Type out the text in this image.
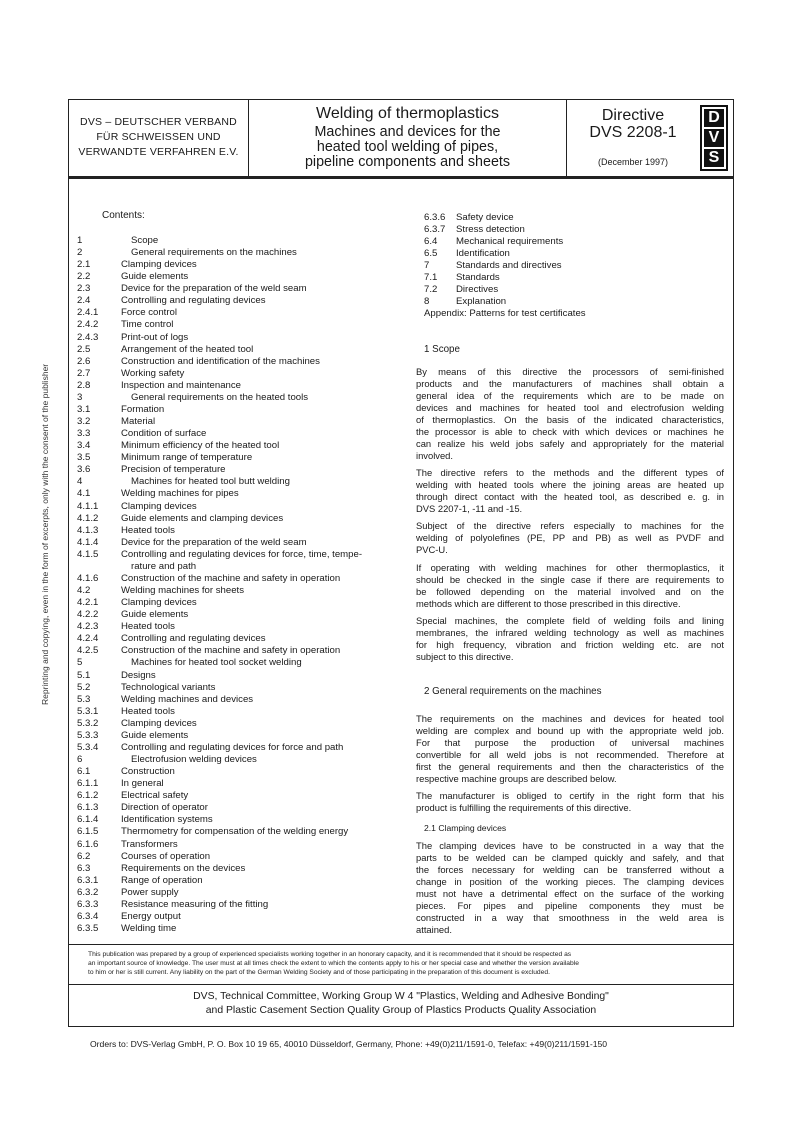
Reprinting and copying, even in the form of excerpts, only with the consent of the publisher
DVS – DEUTSCHER VERBAND
FÜR SCHWEISSEN UND
VERWANDTE VERFAHREN E.V.
Welding of thermoplastics
Machines and devices for the
heated tool welding of pipes,
pipeline components and sheets
Directive
DVS 2208-1
(December 1997)
D
V
S
Contents:
1	Scope
2	General requirements on the machines
2.1	Clamping devices
2.2	Guide elements
2.3	Device for the preparation of the weld seam
2.4	Controlling and regulating devices
2.4.1 Force control
2.4.2 Time control
2.4.3 Print-out of logs
2.5	Arrangement of the heated tool
2.6	Construction and identification of the machines
2.7	Working safety
2.8	Inspection and maintenance
3	General requirements on the heated tools
3.1	Formation
3.2	Material
3.3	Condition of surface
3.4	Minimum efficiency of the heated tool
3.5	Minimum range of temperature
3.6	Precision of temperature
4	Machines for heated tool butt welding
4.1	Welding machines for pipes
4.1.1 Clamping devices
4.1.2 Guide elements and clamping devices
4.1.3 Heated tools
4.1.4 Device for the preparation of the weld seam
4.1.5 Controlling and regulating devices for force, time, tempe-
rature and path
4.1.6 Construction of the machine and safety in operation
4.2	Welding machines for sheets
4.2.1 Clamping devices
4.2.2 Guide elements
4.2.3 Heated tools
4.2.4 Controlling and regulating devices
4.2.5 Construction of the machine and safety in operation
5	Machines for heated tool socket welding
5.1	Designs
5.2	Technological variants
5.3	Welding machines and devices
5.3.1 Heated tools
5.3.2 Clamping devices
5.3.3 Guide elements
5.3.4 Controlling and regulating devices for force and path
6	Electrofusion welding devices
6.1	Construction
6.1.1 In general
6.1.2 Electrical safety
6.1.3 Direction of operator
6.1.4 Identification systems
6.1.5 Thermometry for compensation of the welding energy
6.1.6 Transformers
6.2	Courses of operation
6.3	Requirements on the devices
6.3.1 Range of operation
6.3.2 Power supply
6.3.3 Resistance measuring of the fitting
6.3.4 Energy output
6.3.5 Welding time
6.3.6 Safety device
6.3.7 Stress detection
6.4 Mechanical requirements
6.5 Identification
7	Standards and directives
7.1 Standards
7.2 Directives
8	Explanation
Appendix: Patterns for test certificates
1 Scope
By means of this directive the processors of semi-finished
products and the manufacturers of machines shall obtain a
general idea of the requirements which are to be made on
devices and machines for heated tool and electrofusion welding
of thermoplastics. On the basis of the indicated characteristics,
the processor is able to check with which devices or machines he
can realize his weld jobs safely and appropriately for the material
involved.
The directive refers to the methods and the different types of
welding with heated tools where the joining areas are heated up
through direct contact with the heated tool, as described e. g. in
DVS 2207-1, -11 and -15.
Subject of the directive refers especially to machines for the
welding of polyolefines (PE, PP and PB) as well as PVDF and
PVC-U.
If operating with welding machines for other thermoplastics, it
should be checked in the single case if there are requirements to
be followed depending on the material involved and on the
methods which are different to those prescribed in this directive.
Special machines, the complete field of welding foils and lining
membranes, the infrared welding technology as well as machines
for high frequency, vibration and friction welding etc. are not
subject to this directive.
2 General requirements on the machines
The requirements on the machines and devices for heated tool
welding are complex and bound up with the appropriate weld job.
For that purpose the production of universal machines
convertible for all weld jobs is not recommended. Therefore at
first the general requirements and then the characteristics of the
respective machine groups are described below.
The manufacturer is obliged to certify in the right form that his
product is fulfilling the requirements of this directive.
2.1 Clamping devices
The clamping devices have to be constructed in a way that the
parts to be welded can be clamped quickly and safely, and that
the forces necessary for welding can be transferred without a
change in position of the working pieces. The clamping devices
must not have a detrimental effect on the surface of the working
pieces. For pipes and pipeline components they must be
constructed in a way that smoothness in the weld area is
attained.
This publication was prepared by a group of experienced specialists working together in an honorary capacity, and it is recommended that it should be respected as
an important source of knowledge. The user must at all times check the extent to which the contents apply to his or her special case and whether the version available
to him or her is still current. Any liability on the part of the German Welding Society and of those participating in the preparation of this document is excluded.
DVS, Technical Committee, Working Group W 4 "Plastics, Welding and Adhesive Bonding"
and Plastic Casement Section Quality Group of Plastics Products Quality Association
Orders to: DVS-Verlag GmbH, P. O. Box 10 19 65, 40010 Düsseldorf, Germany, Phone: +49(0)211/1591-0, Telefax: +49(0)211/1591-150
